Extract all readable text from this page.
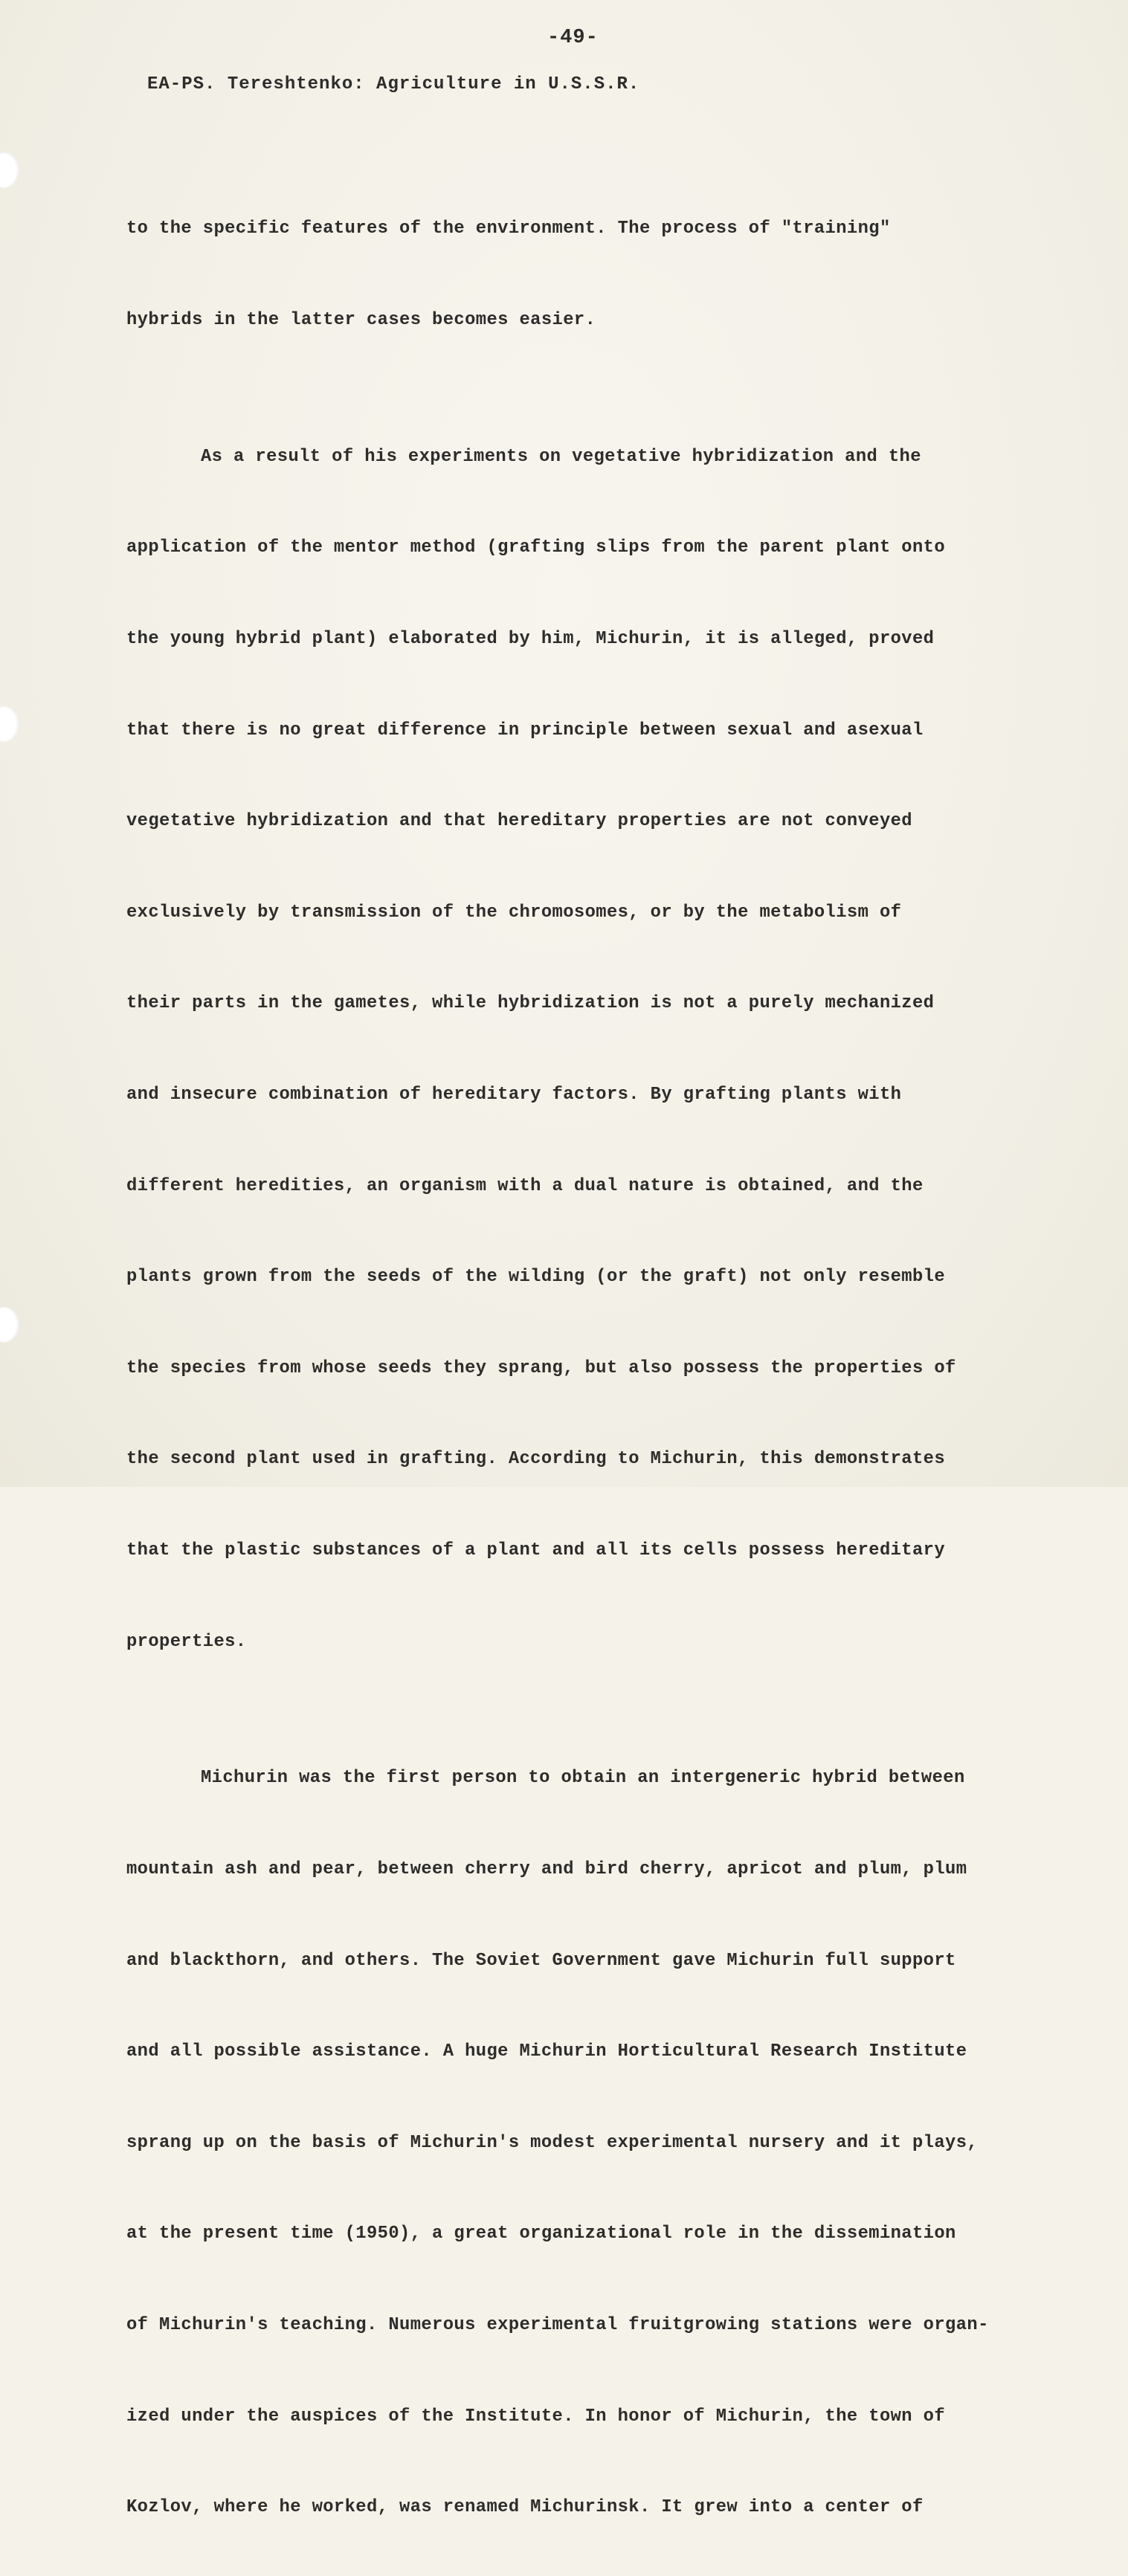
-49-
EA-PS. Tereshtenko: Agriculture in U.S.S.R.

to the specific features of the environment. The process of "training"

hybrids in the latter cases becomes easier.

As a result of his experiments on vegetative hybridization and the

application of the mentor method (grafting slips from the parent plant onto

the young hybrid plant) elaborated by him, Michurin, it is alleged, proved

that there is no great difference in principle between sexual and asexual

vegetative hybridization and that hereditary properties are not conveyed

exclusively by transmission of the chromosomes, or by the metabolism of

their parts in the gametes, while hybridization is not a purely mechanized

and insecure combination of hereditary factors. By grafting plants with

different heredities, an organism with a dual nature is obtained, and the

plants grown from the seeds of the wilding (or the graft) not only resemble

the species from whose seeds they sprang, but also possess the properties of

the second plant used in grafting. According to Michurin, this demonstrates

that the plastic substances of a plant and all its cells possess hereditary

properties.

Michurin was the first person to obtain an intergeneric hybrid between

mountain ash and pear, between cherry and bird cherry, apricot and plum, plum

and blackthorn, and others. The Soviet Government gave Michurin full support

and all possible assistance. A huge Michurin Horticultural Research Institute

sprang up on the basis of Michurin's modest experimental nursery and it plays,

at the present time (1950), a great organizational role in the dissemination

of Michurin's teaching. Numerous experimental fruitgrowing stations were organ-

ized under the auspices of the Institute. In honor of Michurin, the town of

Kozlov, where he worked, was renamed Michurinsk. It grew into a center of
